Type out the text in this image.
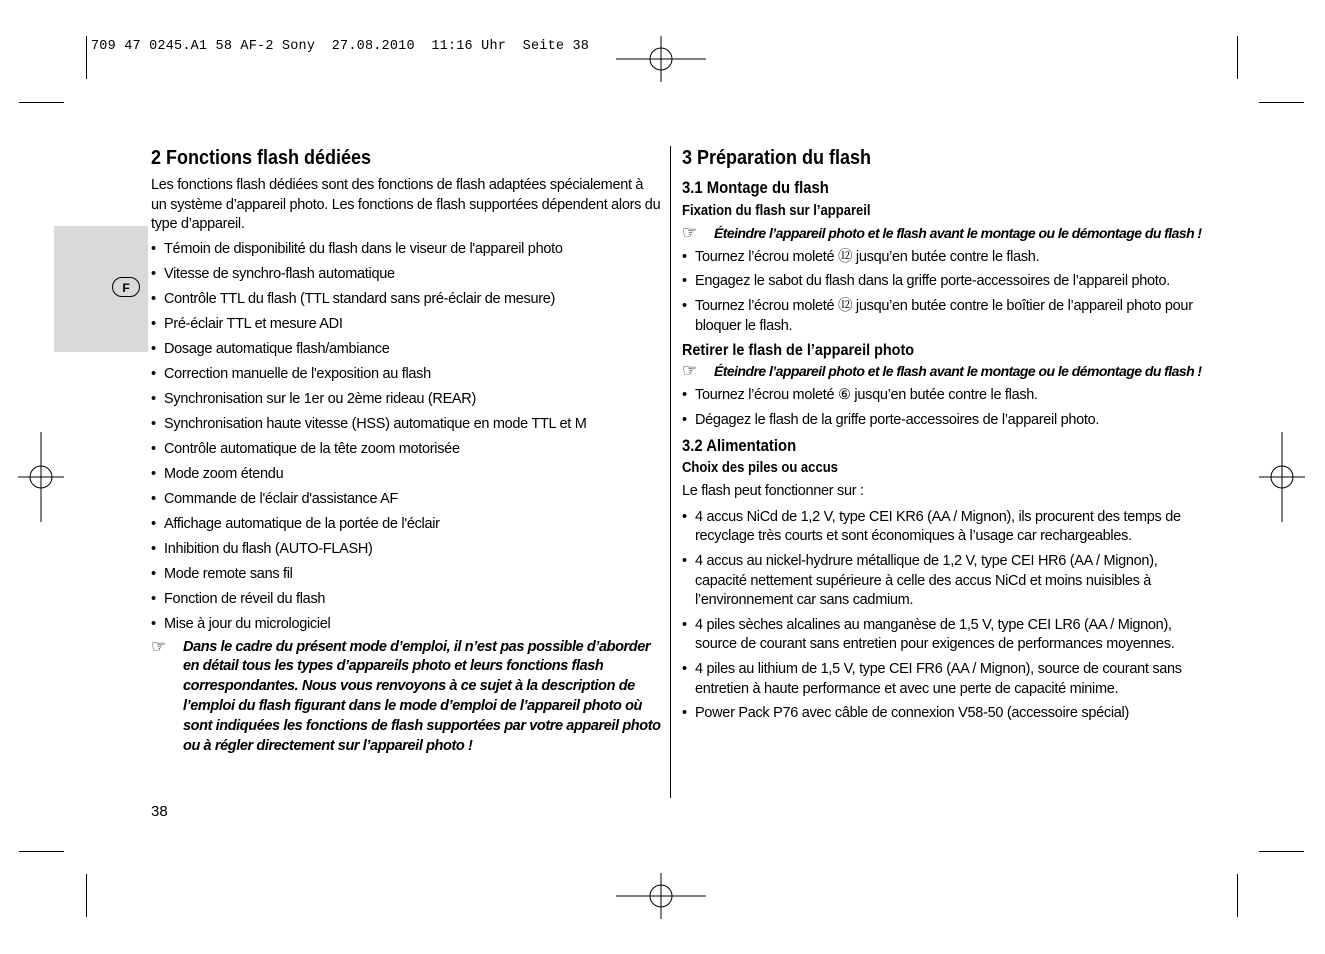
709 47 0245.A1 58 AF-2 Sony  27.08.2010  11:16 Uhr  Seite 38
F
2 Fonctions flash dédiées

Les fonctions flash dédiées sont des fonctions de flash adaptées spécialement à un système d’appareil photo. Les fonctions de flash supportées dépendent alors du type d’appareil.

• Témoin de disponibilité du flash dans le viseur de l'appareil photo
• Vitesse de synchro-flash automatique
• Contrôle TTL du flash (TTL standard sans pré-éclair de mesure)
• Pré-éclair TTL et mesure ADI
• Dosage automatique flash/ambiance
• Correction manuelle de l'exposition au flash
• Synchronisation sur le 1er ou 2ème rideau (REAR)
• Synchronisation haute vitesse (HSS) automatique en mode TTL et M
• Contrôle automatique de la tête zoom motorisée
• Mode zoom étendu
• Commande de l'éclair d'assistance AF
• Affichage automatique de la portée de l'éclair
• Inhibition du flash (AUTO-FLASH)
• Mode remote sans fil
• Fonction de réveil du flash
• Mise à jour du micrologiciel
☞ Dans le cadre du présent mode d’emploi, il n’est pas possible d’aborder en détail tous les types d’appareils photo et leurs fonctions flash correspondantes. Nous vous renvoyons à ce sujet à la description de l’emploi du flash figurant dans le mode d’emploi de l’appareil photo où sont indiquées les fonctions de flash supportées par votre appareil photo ou à régler directement sur l’appareil photo !
3 Préparation du flash
3.1 Montage du flash
Fixation du flash sur l’appareil
☞ Éteindre l’appareil photo et le flash avant le montage ou le démontage du flash !
• Tournez l’écrou moleté ⑫ jusqu’en butée contre le flash.
• Engagez le sabot du flash dans la griffe porte-accessoires de l’appareil photo.
• Tournez l’écrou moleté ⑫ jusqu’en butée contre le boîtier de l’appareil photo pour bloquer le flash.
Retirer le flash de l’appareil photo
☞ Éteindre l’appareil photo et le flash avant le montage ou le démontage du flash !
• Tournez l’écrou moleté ⑥ jusqu’en butée contre le flash.
• Dégagez le flash de la griffe porte-accessoires de l’appareil photo.
3.2 Alimentation
Choix des piles ou accus

Le flash peut fonctionner sur :

• 4 accus NiCd de 1,2 V, type CEI KR6 (AA / Mignon), ils procurent des temps de recyclage très courts et sont économiques à l’usage car rechargeables.
• 4 accus au nickel-hydrure métallique de 1,2 V, type CEI HR6 (AA / Mignon), capacité nettement supérieure à celle des accus NiCd et moins nuisibles à l’environnement car sans cadmium.
• 4 piles sèches alcalines au manganèse de 1,5 V, type CEI LR6 (AA / Mignon), source de courant sans entretien pour exigences de performances moyennes.
• 4 piles au lithium de 1,5 V, type CEI FR6 (AA / Mignon), source de courant sans entretien à haute performance et avec une perte de capacité minime.
• Power Pack P76 avec câble de connexion V58-50 (accessoire spécial)
38
